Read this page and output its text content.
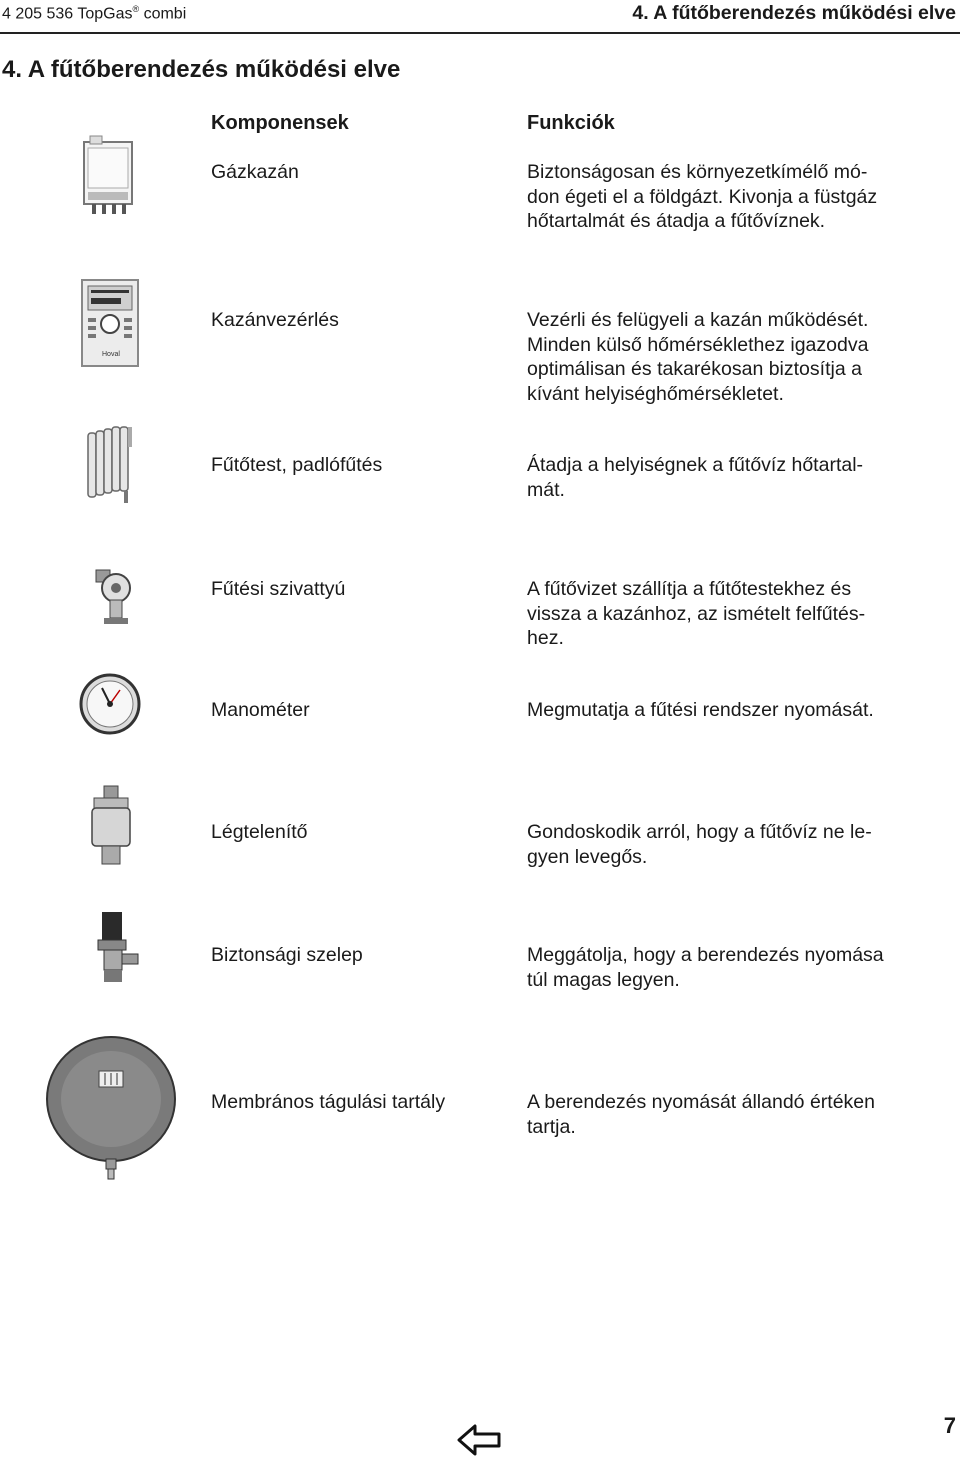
4 205 536 TopGas® combi	4. A fűtőberendezés működési elve
4. A fűtőberendezés működési elve
Komponensek	Funkciók
Gázkazán	Biztonságosan és környezetkímélő mó-
don égeti el a földgázt. Kivonja a füstgáz
hőtartalmát és átadja a fűtővíznek.
Hoval
Kazánvezérlés	Vezérli és felügyeli a kazán működését.
Minden külső hőmérséklethez igazodva
optimálisan és takarékosan biztosítja a
kívánt helyiséghőmérsékletet.
Fűtőtest, padlófűtés	Átadja a helyiségnek a fűtővíz hőtartal-
mát.
Fűtési szivattyú	A fűtővizet szállítja a fűtőtestekhez és
vissza a kazánhoz, az ismételt felfűtés-
hez.
Manométer	Megmutatja a fűtési rendszer nyomását.
Légtelenítő	Gondoskodik arról, hogy a fűtővíz ne le-
gyen levegős.
Biztonsági szelep	Meggátolja, hogy a berendezés nyomása
túl magas legyen.
Membrános tágulási tartály	A berendezés nyomását állandó értéken
tartja.
7
